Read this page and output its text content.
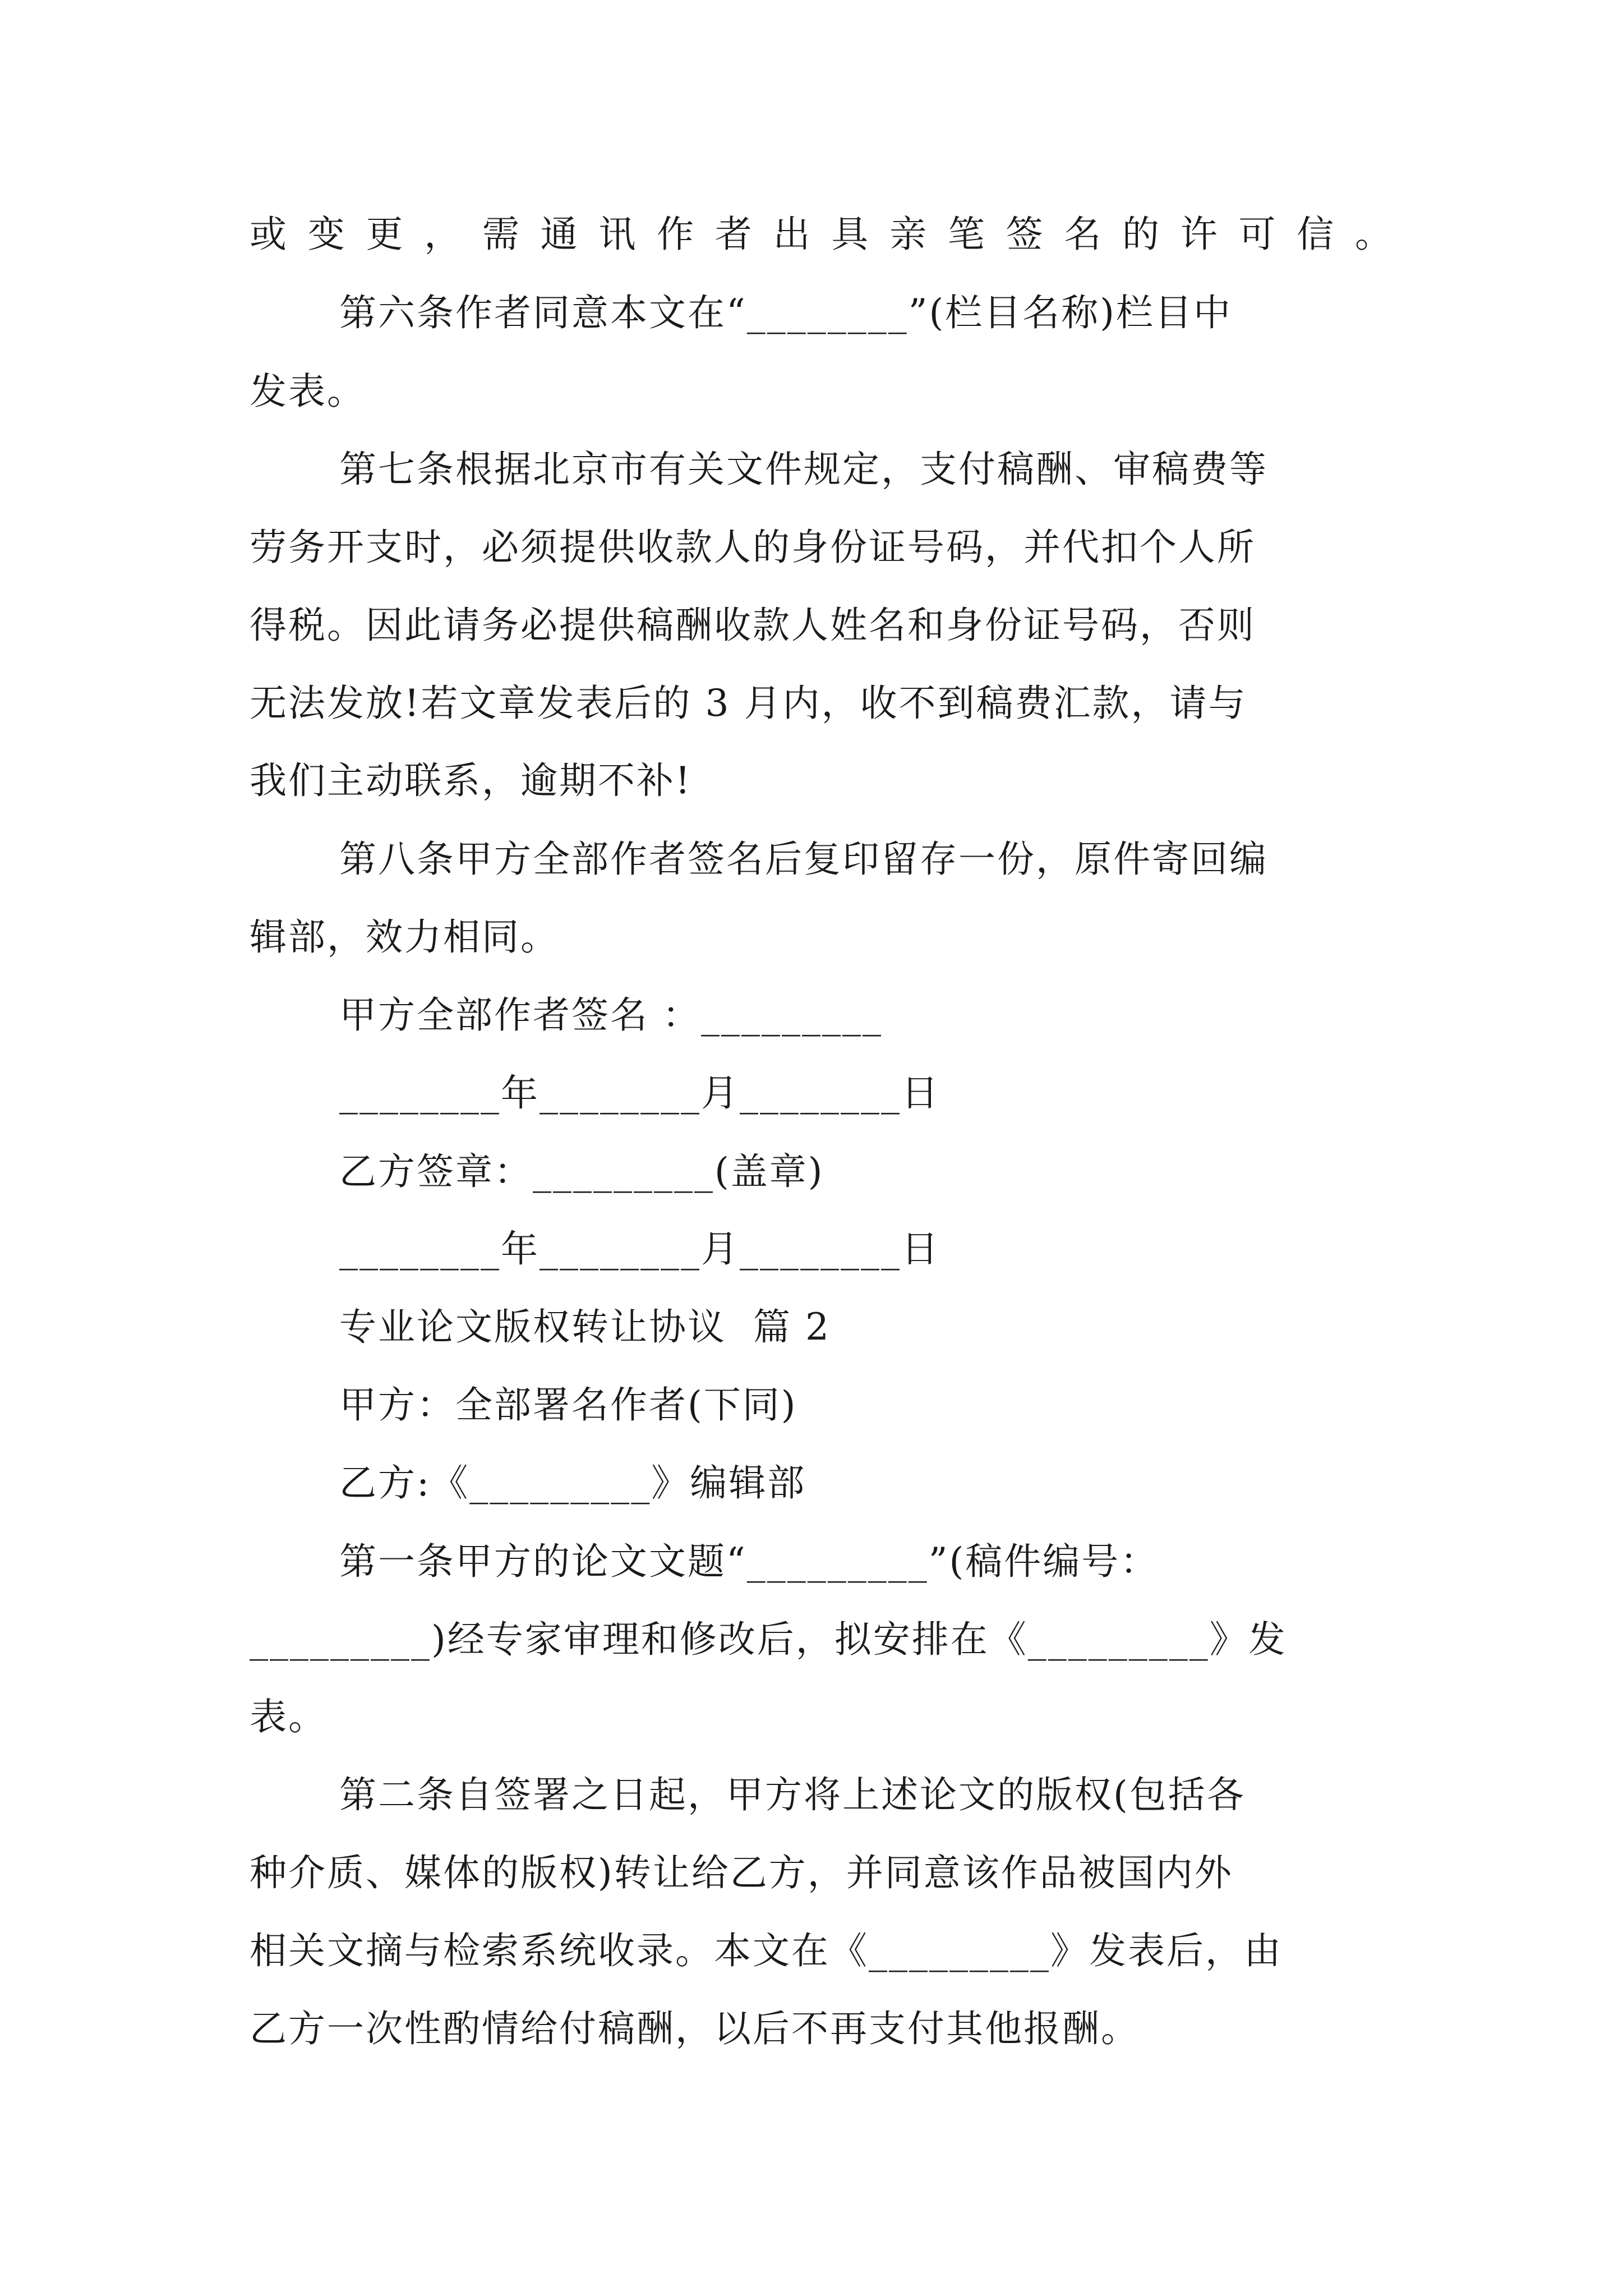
或变更，需通讯作者出具亲笔签名的许可信。
第六条作者同意本文在“________”(栏目名称)栏目中
发表。
第七条根据北京市有关文件规定，支付稿酬、审稿费等
劳务开支时，必须提供收款人的身份证号码，并代扣个人所
得税。因此请务必提供稿酬收款人姓名和身份证号码，否则
无法发放!若文章发表后的 3 月内，收不到稿费汇款，请与
我们主动联系，逾期不补!
第八条甲方全部作者签名后复印留存一份，原件寄回编
辑部，效力相同。
甲方全部作者签名 ：_________
________年________月________日
乙方签章：_________(盖章)
________年________月________日
专业论文版权转让协议  篇 2
甲方：全部署名作者(下同)
乙方:《_________》编辑部
第一条甲方的论文文题“_________”(稿件编号：
_________)经专家审理和修改后，拟安排在《_________》发
表。
第二条自签署之日起，甲方将上述论文的版权(包括各
种介质、媒体的版权)转让给乙方，并同意该作品被国内外
相关文摘与检索系统收录。本文在《_________》发表后，由
乙方一次性酌情给付稿酬，以后不再支付其他报酬。
